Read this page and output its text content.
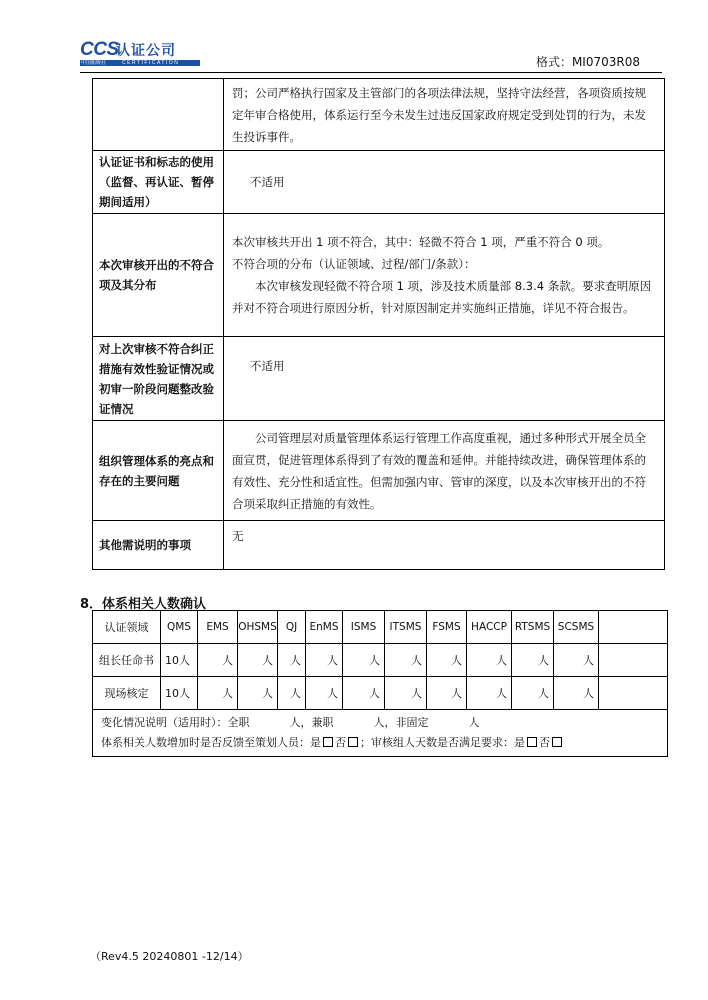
CCS
认证公司
中国船级社	CERTIFICATION	格式：MI0703R08

	罚；公司严格执行国家及主管部门的各项法律法规，坚持守法经营，各项资质按规定年审合格使用，体系运行至今未发生过违反国家政府规定受到处罚的行为，未发生投诉事件。

认证证书和标志的使用（监督、再认证、暂停期间适用）	不适用
本次审核开出的不符合项及其分布	本次审核共开出 1 项不符合，其中：轻微不符合 1 项，严重不符合 0 项。

不符合项的分布（认证领域、过程/部门/条款）：

本次审核发现轻微不符合项 1 项，涉及技术质量部 8.3.4 条款。要求查明原因并对不符合项进行原因分析，针对原因制定并实施纠正措施，详见不符合报告。

对上次审核不符合纠正措施有效性验证情况或初审一阶段问题整改验证情况	不适用
组织管理体系的亮点和存在的主要问题	公司管理层对质量管理体系运行管理工作高度重视，通过多种形式开展全员全面宣贯，促进管理体系得到了有效的覆盖和延伸。并能持续改进，确保管理体系的有效性、充分性和适宜性。但需加强内审、管审的深度，以及本次审核开出的不符合项采取纠正措施的有效性。

其他需说明的事项	无
8．体系相关人数确认
认证领域	QMS	EMS	OHSMS	QJ	EnMS	ISMS	ITSMS	FSMS	HACCP	RTSMS	SCSMS	
组长任命书	10人	人	人	人	人	人	人	人	人	人	人	
现场核定	10人	人	人	人	人	人	人	人	人	人	人	

变化情况说明（适用时）：全职 人，兼职 人，非固定 人
体系相关人数增加时是否反馈至策划人员：是 否 ；审核组人天数是否满足要求：是 否												
（Rev4.5 20240801 -12/14）
